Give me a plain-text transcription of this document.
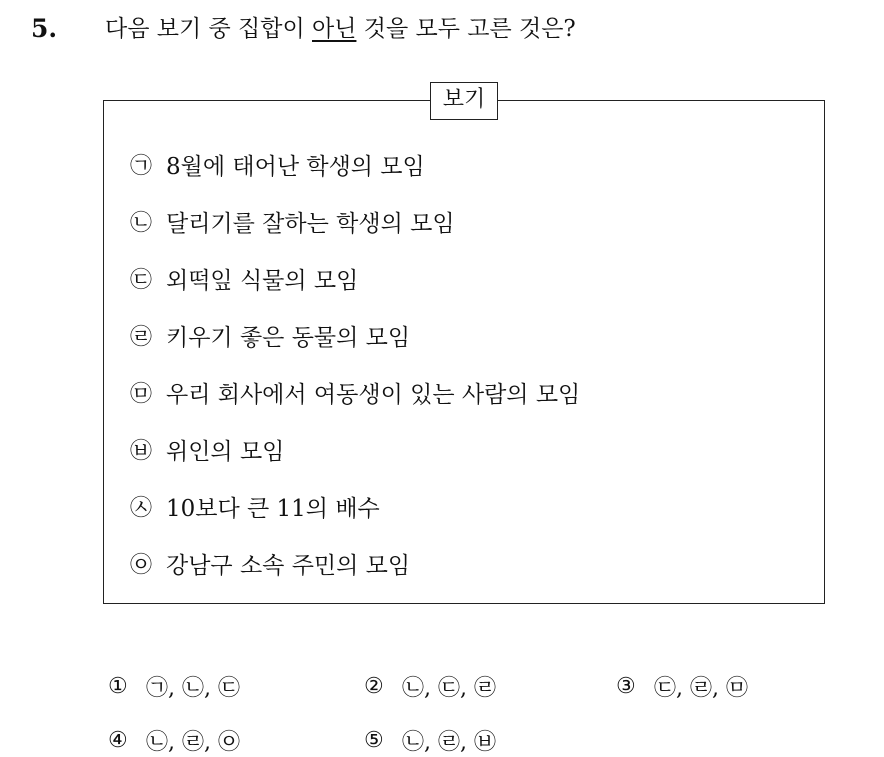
5. 다음 보기 중 집합이 아닌 것을 모두 고른 것은?
보기
㉠ 8월에 태어난 학생의 모임
㉡ 달리기를 잘하는 학생의 모임
㉢ 외떡잎 식물의 모임
㉣ 키우기 좋은 동물의 모임
㉤ 우리 회사에서 여동생이 있는 사람의 모임
㉥ 위인의 모임
㉦ 10보다 큰 11의 배수
㉧ 강남구 소속 주민의 모임
① ㉠, ㉡, ㉢	② ㉡, ㉢, ㉣	③ ㉢, ㉣, ㉤
④ ㉡, ㉣, ㉧	⑤ ㉡, ㉣, ㉥
